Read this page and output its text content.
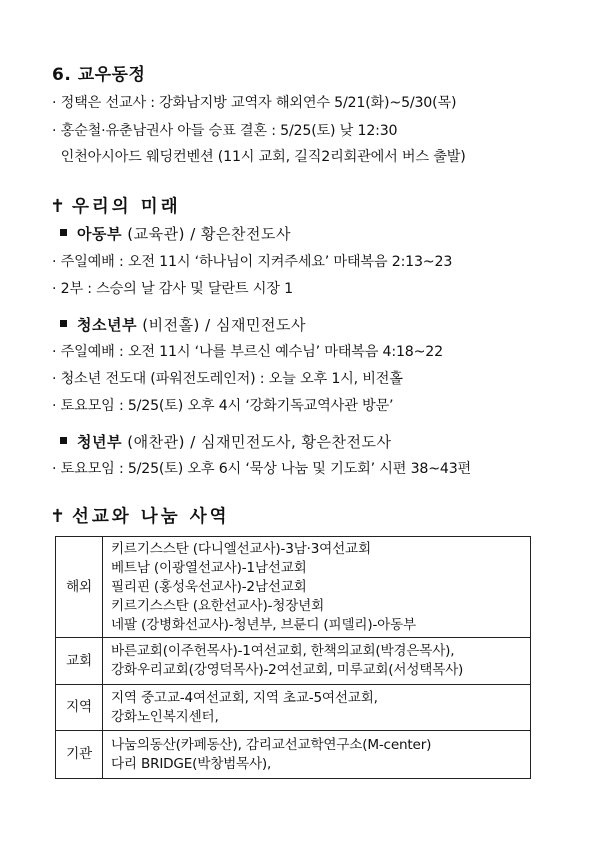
6. 교우동정
· 정택은 선교사 : 강화남지방 교역자 해외연수 5/21(화)~5/30(목)
· 홍순철·유춘남권사 아들 승표 결혼 : 5/25(토) 낮 12:30
인천아시아드 웨딩컨벤션 (11시 교회, 길직2리회관에서 버스 출발)
✝ 우리의 미래
아동부 (교육관) / 황은찬전도사
· 주일예배 : 오전 11시 ‘하나님이 지켜주세요’ 마태복음 2:13~23
· 2부 : 스승의 날 감사 및 달란트 시장 1
청소년부 (비전홀) / 심재민전도사
· 주일예배 : 오전 11시 ‘나를 부르신 예수님’ 마태복음 4:18~22
· 청소년 전도대 (파워전도레인저) : 오늘 오후 1시, 비전홀
· 토요모임 : 5/25(토) 오후 4시 ‘강화기독교역사관 방문’
청년부 (애찬관) / 심재민전도사, 황은찬전도사
· 토요모임 : 5/25(토) 오후 6시 ‘묵상 나눔 및 기도회’ 시편 38~43편
✝ 선교와 나눔 사역
해외	키르기스스탄 (다니엘선교사)-3남·3여선교회
베트남 (이광열선교사)-1남선교회
필리핀 (홍성욱선교사)-2남선교회
키르기스스탄 (요한선교사)-청장년회
네팔 (강병화선교사)-청년부, 브룬디 (피델리)-아동부

교회	바른교회(이주헌목사)-1여선교회, 한책의교회(박경은목사),
강화우리교회(강영덕목사)-2여선교회, 미루교회(서성택목사)

지역	지역 중고교-4여선교회, 지역 초교-5여선교회,
강화노인복지센터,

기관	나눔의동산(카페동산), 감리교선교학연구소(M-center)
다리 BRIDGE(박창범목사),
